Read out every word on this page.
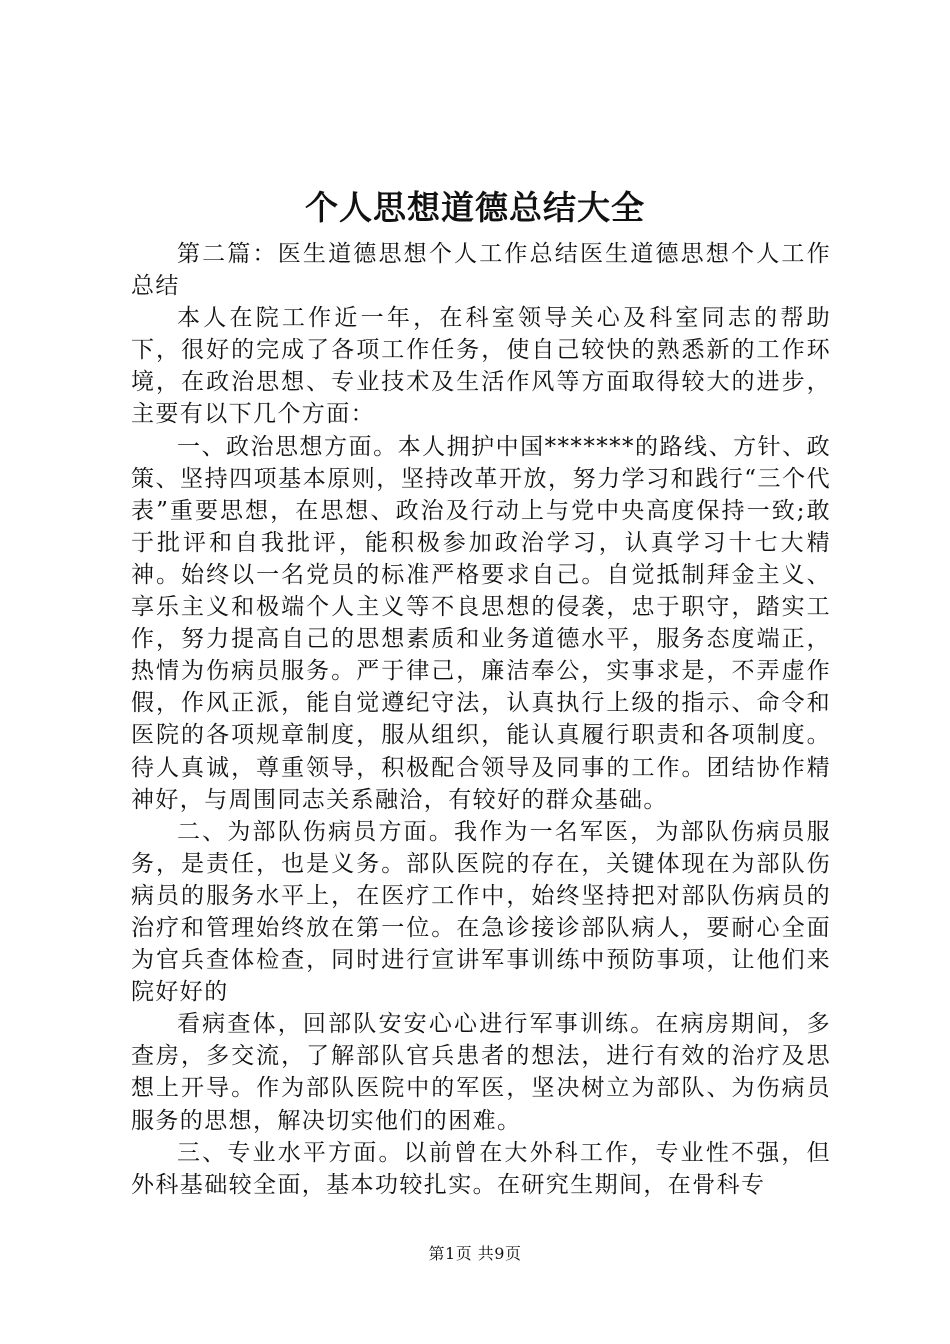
个人思想道德总结大全

第二篇：医生道德思想个人工作总结医生道德思想个人工作总结

本人在院工作近一年，在科室领导关心及科室同志的帮助下，很好的完成了各项工作任务，使自己较快的熟悉新的工作环境，在政治思想、专业技术及生活作风等方面取得较大的进步，主要有以下几个方面：

一、政治思想方面。本人拥护中国*******的路线、方针、政策、坚持四项基本原则，坚持改革开放，努力学习和践行“三个代表”重要思想，在思想、政治及行动上与党中央高度保持一致;敢于批评和自我批评，能积极参加政治学习，认真学习十七大精神。始终以一名党员的标准严格要求自己。自觉抵制拜金主义、享乐主义和极端个人主义等不良思想的侵袭，忠于职守，踏实工作，努力提高自己的思想素质和业务道德水平，服务态度端正，热情为伤病员服务。严于律己，廉洁奉公，实事求是，不弄虚作假，作风正派，能自觉遵纪守法，认真执行上级的指示、命令和医院的各项规章制度，服从组织，能认真履行职责和各项制度。待人真诚，尊重领导，积极配合领导及同事的工作。团结协作精神好，与周围同志关系融洽，有较好的群众基础。

二、为部队伤病员方面。我作为一名军医，为部队伤病员服务，是责任，也是义务。部队医院的存在，关键体现在为部队伤病员的服务水平上，在医疗工作中，始终坚持把对部队伤病员的治疗和管理始终放在第一位。在急诊接诊部队病人，要耐心全面为官兵查体检查，同时进行宣讲军事训练中预防事项，让他们来院好好的

看病查体，回部队安安心心进行军事训练。在病房期间，多查房，多交流，了解部队官兵患者的想法，进行有效的治疗及思想上开导。作为部队医院中的军医，坚决树立为部队、为伤病员服务的思想，解决切实他们的困难。

三、专业水平方面。以前曾在大外科工作，专业性不强，但外科基础较全面，基本功较扎实。在研究生期间，在骨科专

第1页 共9页
